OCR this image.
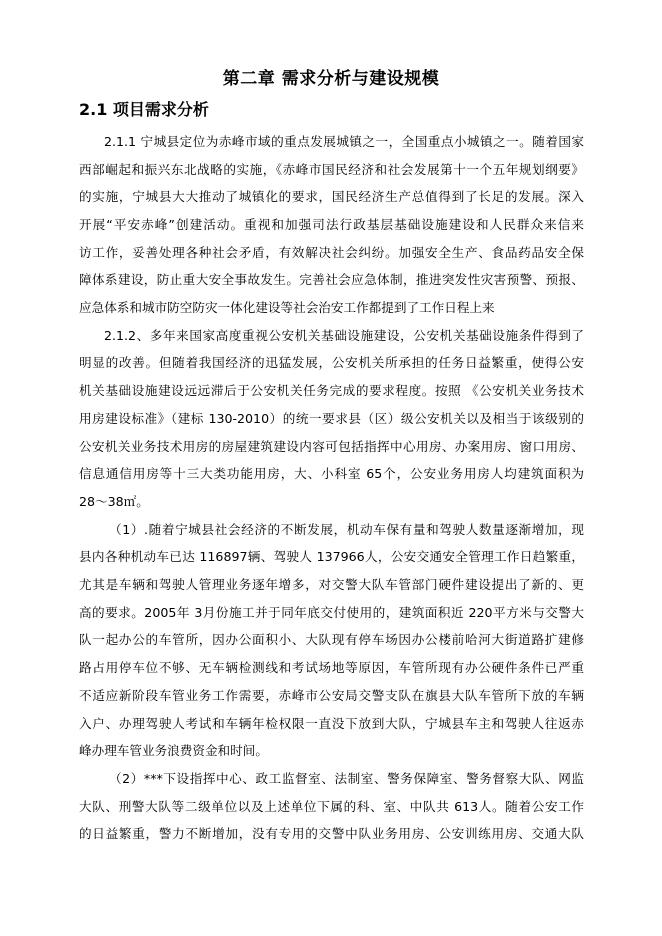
第二章 需求分析与建设规模
2.1 项目需求分析
2.1.1 宁城县定位为赤峰市域的重点发展城镇之一，全国重点小城镇之一。随着国家
西部崛起和振兴东北战略的实施，《赤峰市国民经济和社会发展第十一个五年规划纲要》
的实施，宁城县大大推动了城镇化的要求，国民经济生产总值得到了长足的发展。深入
开展“平安赤峰”创建活动。重视和加强司法行政基层基础设施建设和人民群众来信来
访工作，妥善处理各种社会矛盾，有效解决社会纠纷。加强安全生产、食品药品安全保
障体系建设，防止重大安全事故发生。完善社会应急体制，推进突发性灾害预警、预报、
应急体系和城市防空防灾一体化建设等社会治安工作都提到了工作日程上来
2.1.2、多年来国家高度重视公安机关基础设施建设，公安机关基础设施条件得到了
明显的改善。但随着我国经济的迅猛发展，公安机关所承担的任务日益繁重，使得公安
机关基础设施建设远远滞后于公安机关任务完成的要求程度。按照 《公安机关业务技术
用房建设标准》（建标 130-2010）的统一要求县（区）级公安机关以及相当于该级别的
公安机关业务技术用房的房屋建筑建设内容可包括指挥中心用房、办案用房、窗口用房、
信息通信用房等十三大类功能用房，大、小科室 65个，公安业务用房人均建筑面积为
28～38㎡。
（1）.随着宁城县社会经济的不断发展，机动车保有量和驾驶人数量逐渐增加，现
县内各种机动车已达 116897辆、驾驶人 137966人，公安交通安全管理工作日趋繁重，
尤其是车辆和驾驶人管理业务逐年增多，对交警大队车管部门硬件建设提出了新的、更
高的要求。2005年 3月份施工并于同年底交付使用的，建筑面积近 220平方米与交警大
队一起办公的车管所，因办公面积小、大队现有停车场因办公楼前哈河大街道路扩建修
路占用停车位不够、无车辆检测线和考试场地等原因，车管所现有办公硬件条件已严重
不适应新阶段车管业务工作需要，赤峰市公安局交警支队在旗县大队车管所下放的车辆
入户、办理驾驶人考试和车辆年检权限一直没下放到大队，宁城县车主和驾驶人往返赤
峰办理车管业务浪费资金和时间。
（2）***下设指挥中心、政工监督室、法制室、警务保障室、警务督察大队、网监
大队、刑警大队等二级单位以及上述单位下属的科、室、中队共 613人。随着公安工作
的日益繁重，警力不断增加，没有专用的交警中队业务用房、公安训练用房、交通大队
